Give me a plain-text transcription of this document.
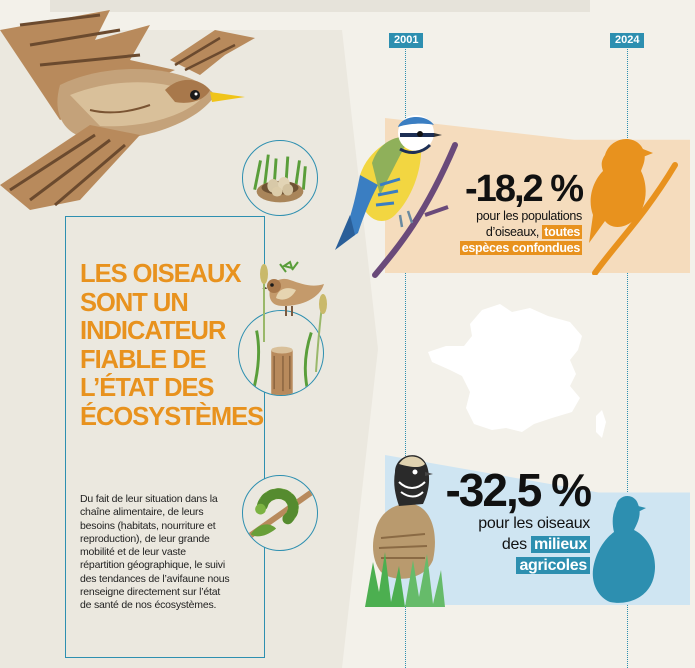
LES OISEAUX
SONT UN
INDICATEUR
FIABLE DE
L’ÉTAT DES
ÉCOSYSTÈMES
Du fait de leur situation dans la chaîne alimentaire, de leurs besoins (habitats, nourriture et reproduction), de leur grande mobilité et de leur vaste répartition géographique, le suivi des tendances de l’avifaune nous renseigne directement sur l’état de santé de nos écosystèmes.
2001	2024
-18,2 %
pour les populations d’oiseaux, toutes
espèces confondues
-32,5 %
pour les oiseaux
des milieux
agricoles
